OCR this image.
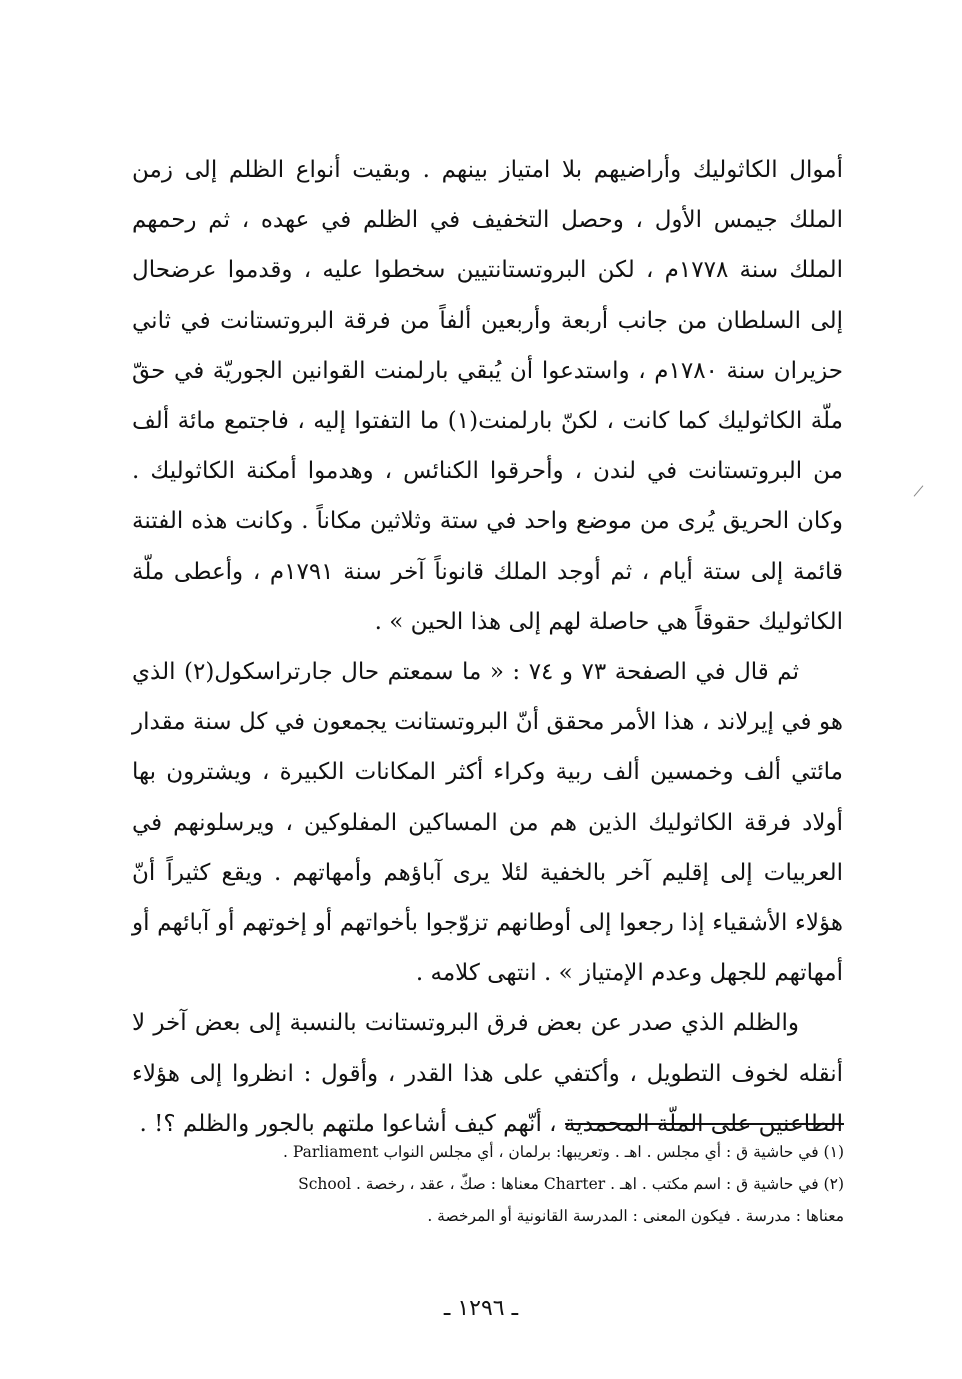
أموال الكاثوليك وأراضيهم بلا امتياز بينهم . وبقيت أنواع الظلم إلى زمن الملك جيمس الأول ، وحصل التخفيف في الظلم في عهده ، ثم رحمهم الملك سنة ١٧٧٨م ، لكن البروتستانتيين سخطوا عليه ، وقدموا عرضحال إلى السلطان من جانب أربعة وأربعين ألفاً من فرقة البروتستانت في ثاني حزيران سنة ١٧٨٠م ، واستدعوا أن يُبقي بارلمنت القوانين الجوريّة في حقّ ملّة الكاثوليك كما كانت ، لكنّ بارلمنت(١) ما التفتوا إليه ، فاجتمع مائة ألف من البروتستانت في لندن ، وأحرقوا الكنائس ، وهدموا أمكنة الكاثوليك . وكان الحريق يُرى من موضع واحد في ستة وثلاثين مكاناً . وكانت هذه الفتنة قائمة إلى ستة أيام ، ثم أوجد الملك قانوناً آخر سنة ١٧٩١م ، وأعطى ملّة الكاثوليك حقوقاً هي حاصلة لهم إلى هذا الحين » .

ثم قال في الصفحة ٧٣ و ٧٤ : « ما سمعتم حال جارتراسكول(٢) الذي هو في إيرلاند ، هذا الأمر محقق أنّ البروتستانت يجمعون في كل سنة مقدار مائتي ألف وخمسين ألف ربية وكراء أكثر المكانات الكبيرة ، ويشترون بها أولاد فرقة الكاثوليك الذين هم من المساكين المفلوكين ، ويرسلونهم في العربيات إلى إقليم آخر بالخفية لئلا يرى آباؤهم وأمهاتهم . ويقع كثيراً أنّ هؤلاء الأشقياء إذا رجعوا إلى أوطانهم تزوّجوا بأخواتهم أو إخوتهم أو آبائهم أو أمهاتهم للجهل وعدم الإمتياز » . انتهى كلامه .

والظلم الذي صدر عن بعض فرق البروتستانت بالنسبة إلى بعض آخر لا أنقله لخوف التطويل ، وأكتفي على هذا القدر ، وأقول : انظروا إلى هؤلاء الطاعنين على الملّة المحمدية ، أنّهم كيف أشاعوا ملتهم بالجور والظلم ؟! .

(١) في حاشية ق : أي مجلس . اهـ . وتعريبها: برلمان ، أي مجلس النواب Parliament .

(٢) في حاشية ق : اسم مكتب . اهـ . Charter معناها : صكّ ، عقد ، رخصة . School

معناها : مدرسة . فيكون المعنى : المدرسة القانونية أو المرخصة .

ـ ١٢٩٦ ـ
